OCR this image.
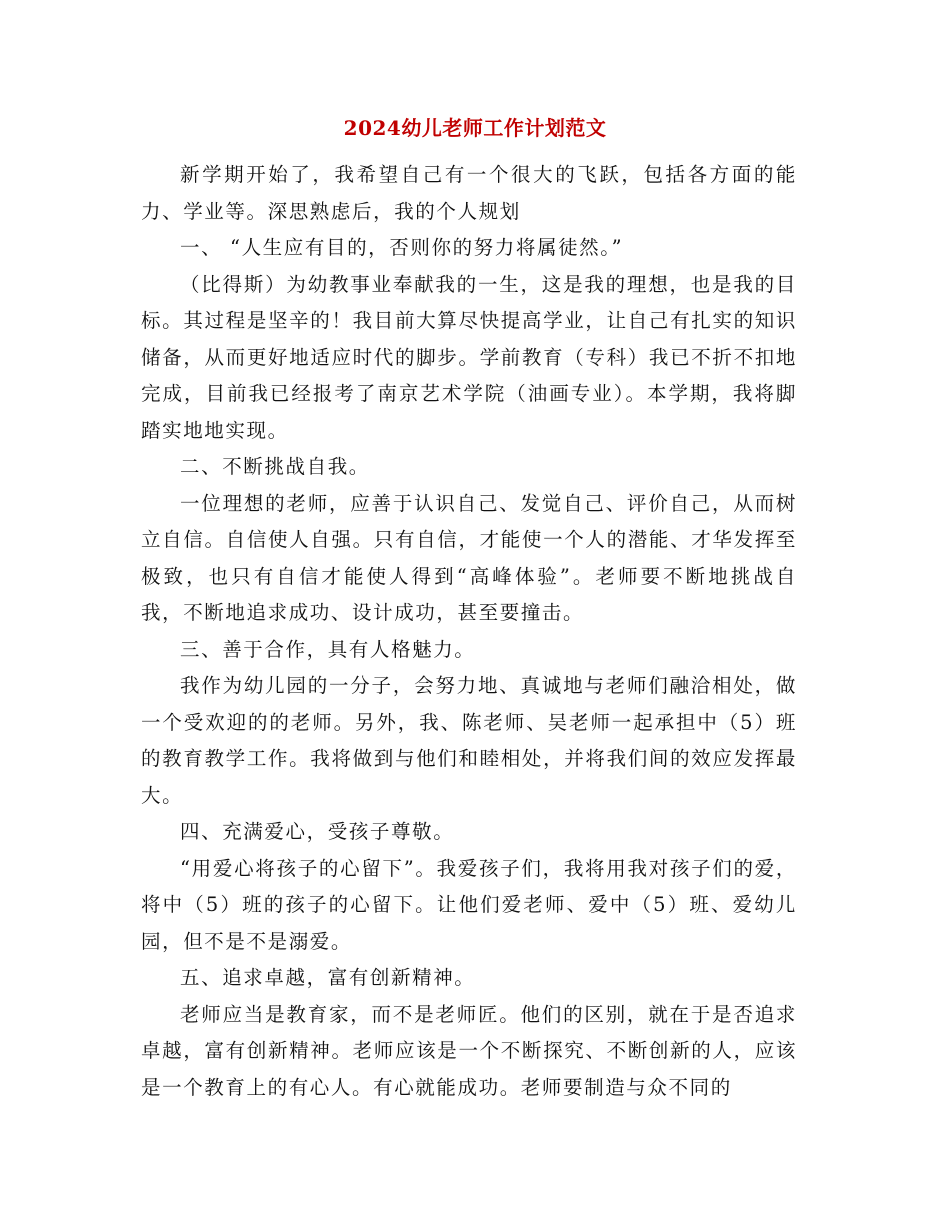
2024幼儿老师工作计划范文

新学期开始了，我希望自己有一个很大的飞跃，包括各方面的能力、学业等。深思熟虑后，我的个人规划

一、 “人生应有目的，否则你的努力将属徒然。”

（比得斯）为幼教事业奉献我的一生，这是我的理想，也是我的目标。其过程是坚辛的！我目前大算尽快提高学业，让自己有扎实的知识储备，从而更好地适应时代的脚步。学前教育（专科）我已不折不扣地完成，目前我已经报考了南京艺术学院（油画专业）。本学期，我将脚踏实地地实现。

二、不断挑战自我。

一位理想的老师，应善于认识自己、发觉自己、评价自己，从而树立自信。自信使人自强。只有自信，才能使一个人的潜能、才华发挥至极致，也只有自信才能使人得到“高峰体验”。老师要不断地挑战自我，不断地追求成功、设计成功，甚至要撞击。

三、善于合作，具有人格魅力。

我作为幼儿园的一分子，会努力地、真诚地与老师们融洽相处，做一个受欢迎的的老师。另外，我、陈老师、吴老师一起承担中（5）班的教育教学工作。我将做到与他们和睦相处，并将我们间的效应发挥最大。

四、充满爱心，受孩子尊敬。

“用爱心将孩子的心留下”。我爱孩子们，我将用我对孩子们的爱，将中（5）班的孩子的心留下。让他们爱老师、爱中（5）班、爱幼儿园，但不是不是溺爱。

五、追求卓越，富有创新精神。

老师应当是教育家，而不是老师匠。他们的区别，就在于是否追求卓越，富有创新精神。老师应该是一个不断探究、不断创新的人，应该是一个教育上的有心人。有心就能成功。老师要制造与众不同的
